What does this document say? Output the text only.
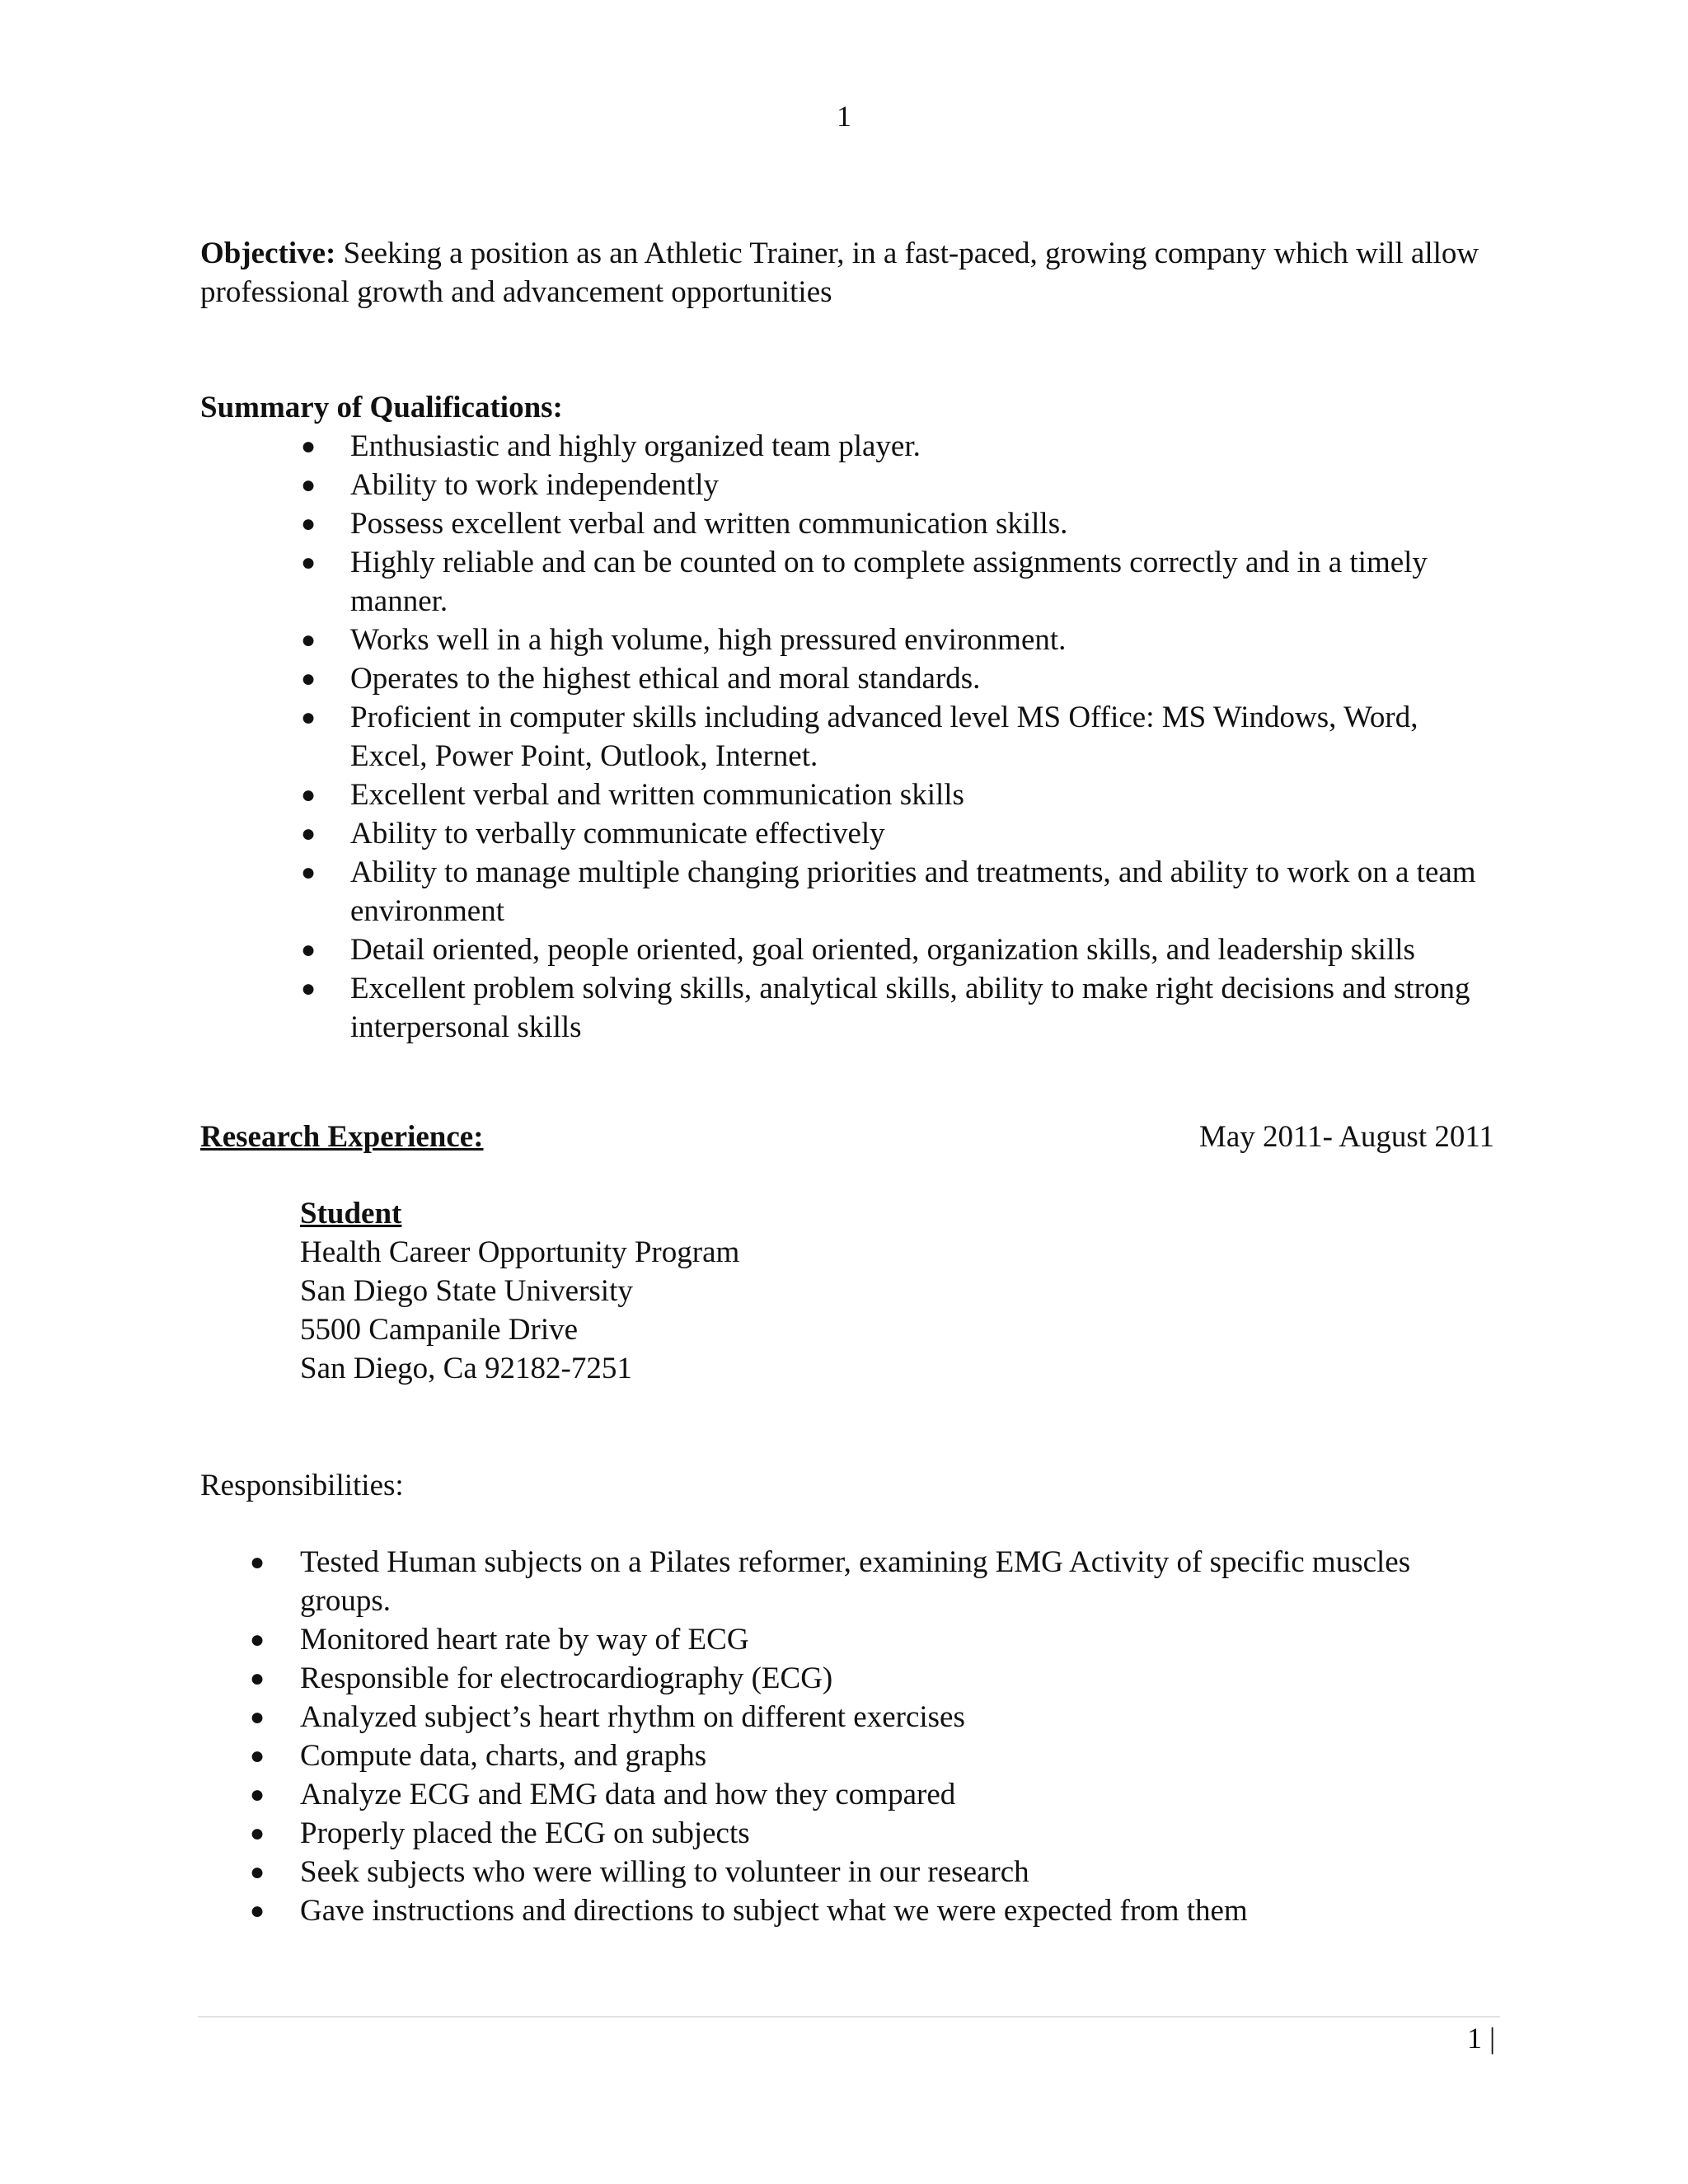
1

Objective: Seeking a position as an Athletic Trainer, in a fast-paced, growing company which will allow professional growth and advancement opportunities

Summary of Qualifications:
● Enthusiastic and highly organized team player.
● Ability to work independently
● Possess excellent verbal and written communication skills.
● Highly reliable and can be counted on to complete assignments correctly and in a timely manner.
● Works well in a high volume, high pressured environment.
● Operates to the highest ethical and moral standards.
● Proficient in computer skills including advanced level MS Office: MS Windows, Word, Excel, Power Point, Outlook, Internet.
● Excellent verbal and written communication skills
● Ability to verbally communicate effectively
● Ability to manage multiple changing priorities and treatments, and ability to work on a team environment
● Detail oriented, people oriented, goal oriented, organization skills, and leadership skills
● Excellent problem solving skills, analytical skills, ability to make right decisions and strong interpersonal skills
Research Experience:	May 2011- August 2011
Student
Health Career Opportunity Program
San Diego State University
5500 Campanile Drive
San Diego, Ca 92182-7251
Responsibilities:
● Tested Human subjects on a Pilates reformer, examining EMG Activity of specific muscles groups.
● Monitored heart rate by way of ECG
● Responsible for electrocardiography (ECG)
● Analyzed subject’s heart rhythm on different exercises
● Compute data, charts, and graphs
● Analyze ECG and EMG data and how they compared
● Properly placed the ECG on subjects
● Seek subjects who were willing to volunteer in our research
● Gave instructions and directions to subject what we were expected from them
1 |
